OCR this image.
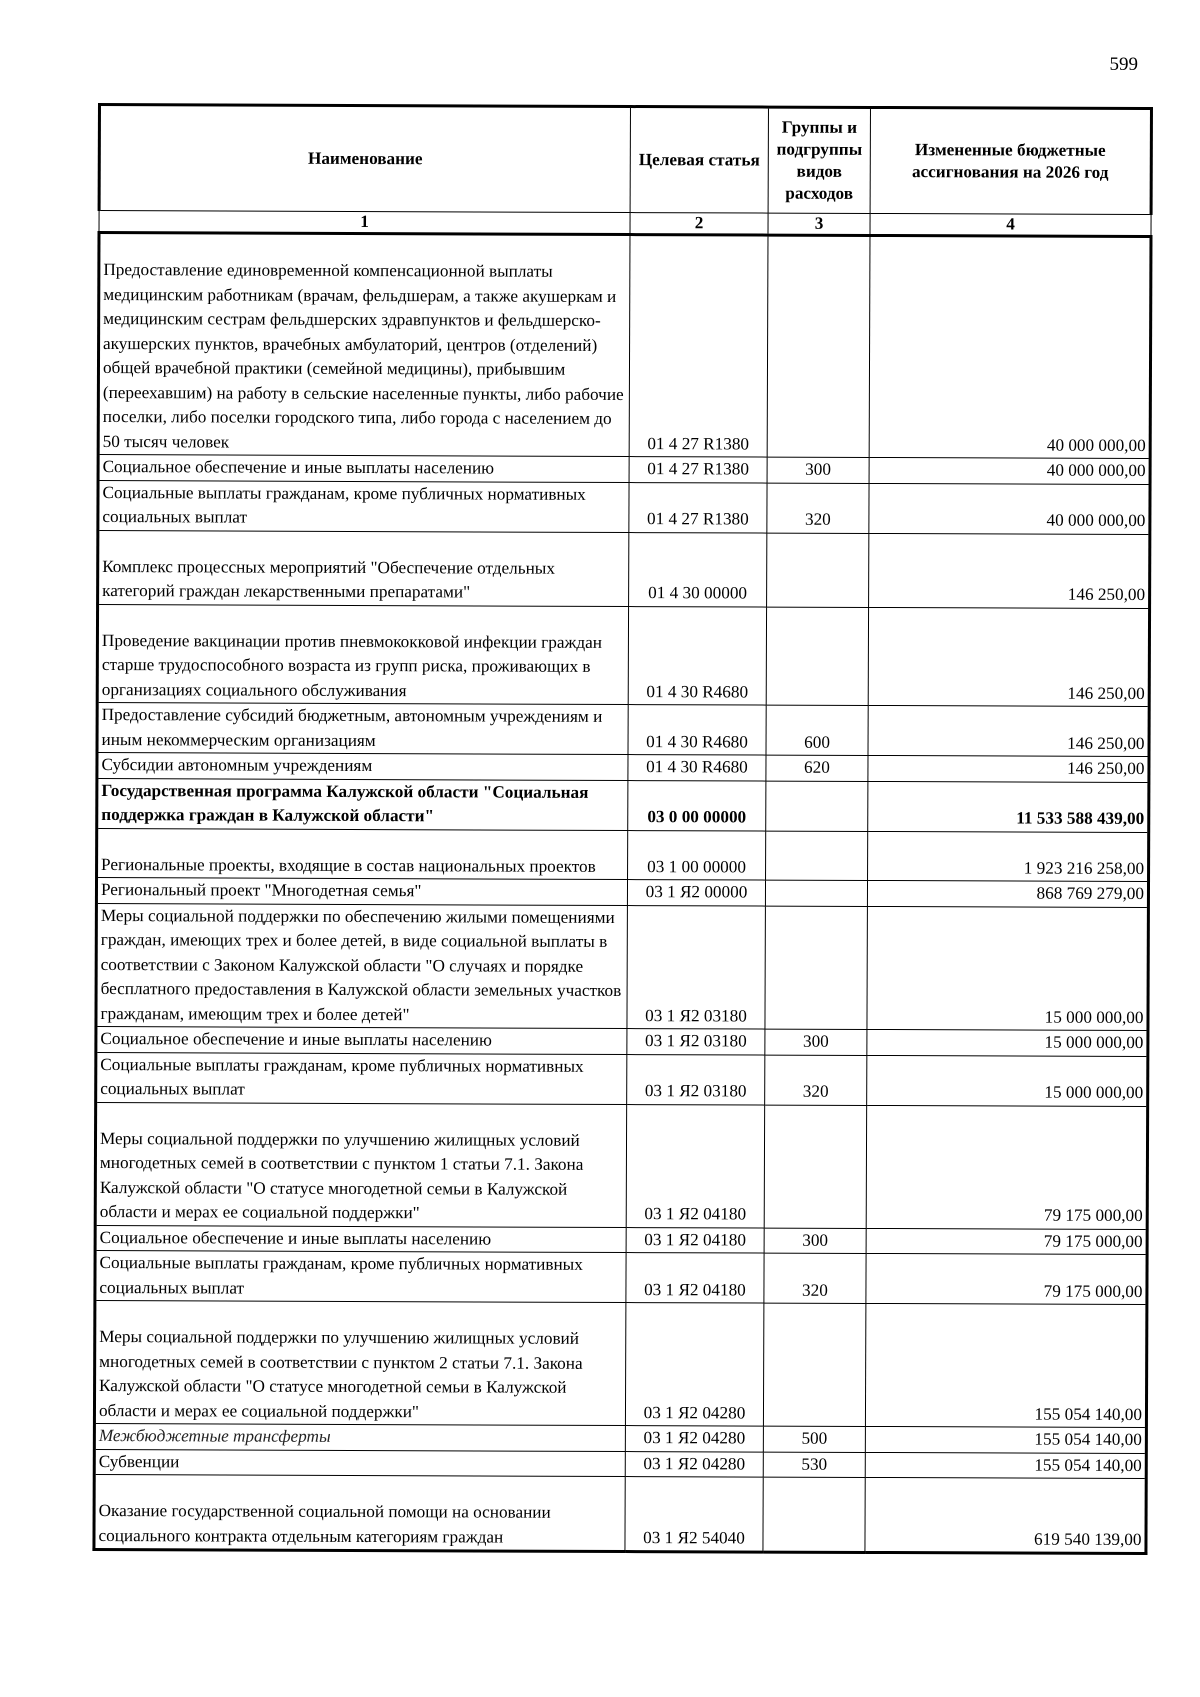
599
Наименование	Целевая статья	Группы и подгруппы видов расходов	Измененные бюджетные ассигнования на 2026 год
1	2	3	4
Предоставление единовременной компенсационной выплаты медицинским работникам (врачам, фельдшерам, а также акушеркам и медицинским сестрам фельдшерских здравпунктов и фельдшерско-акушерских пунктов, врачебных амбулаторий, центров (отделений) общей врачебной практики (семейной медицины), прибывшим (переехавшим) на работу в сельские населенные пункты, либо рабочие поселки, либо поселки городского типа, либо города с населением до 50 тысяч человек	01 4 27 R1380		40 000 000,00
Социальное обеспечение и иные выплаты населению	01 4 27 R1380	300	40 000 000,00
Социальные выплаты гражданам, кроме публичных нормативных социальных выплат	01 4 27 R1380	320	40 000 000,00
Комплекс процессных мероприятий "Обеспечение отдельных категорий граждан лекарственными препаратами"	01 4 30 00000		146 250,00
Проведение вакцинации против пневмококковой инфекции граждан старше трудоспособного возраста из групп риска, проживающих в организациях социального обслуживания	01 4 30 R4680		146 250,00
Предоставление субсидий бюджетным, автономным учреждениям и иным некоммерческим организациям	01 4 30 R4680	600	146 250,00
Субсидии автономным учреждениям	01 4 30 R4680	620	146 250,00
Государственная программа Калужской области "Социальная поддержка граждан в Калужской области"	03 0 00 00000		11 533 588 439,00
Региональные проекты, входящие в состав национальных проектов	03 1 00 00000		1 923 216 258,00
Региональный проект "Многодетная семья"	03 1 Я2 00000		868 769 279,00
Меры социальной поддержки по обеспечению жилыми помещениями граждан, имеющих трех и более детей, в виде социальной выплаты в соответствии с Законом Калужской области "О случаях и порядке бесплатного предоставления в Калужской области земельных участков гражданам, имеющим трех и более детей"	03 1 Я2 03180		15 000 000,00
Социальное обеспечение и иные выплаты населению	03 1 Я2 03180	300	15 000 000,00
Социальные выплаты гражданам, кроме публичных нормативных социальных выплат	03 1 Я2 03180	320	15 000 000,00
Меры социальной поддержки по улучшению жилищных условий многодетных семей в соответствии с пунктом 1 статьи 7.1. Закона Калужской области "О статусе многодетной семьи в Калужской области и мерах ее социальной поддержки"	03 1 Я2 04180		79 175 000,00
Социальное обеспечение и иные выплаты населению	03 1 Я2 04180	300	79 175 000,00
Социальные выплаты гражданам, кроме публичных нормативных социальных выплат	03 1 Я2 04180	320	79 175 000,00
Меры социальной поддержки по улучшению жилищных условий многодетных семей в соответствии с пунктом 2 статьи 7.1. Закона Калужской области "О статусе многодетной семьи в Калужской области и мерах ее социальной поддержки"	03 1 Я2 04280		155 054 140,00
Межбюджетные трансферты	03 1 Я2 04280	500	155 054 140,00
Субвенции	03 1 Я2 04280	530	155 054 140,00
Оказание государственной социальной помощи на основании социального контракта отдельным категориям граждан	03 1 Я2 54040		619 540 139,00
